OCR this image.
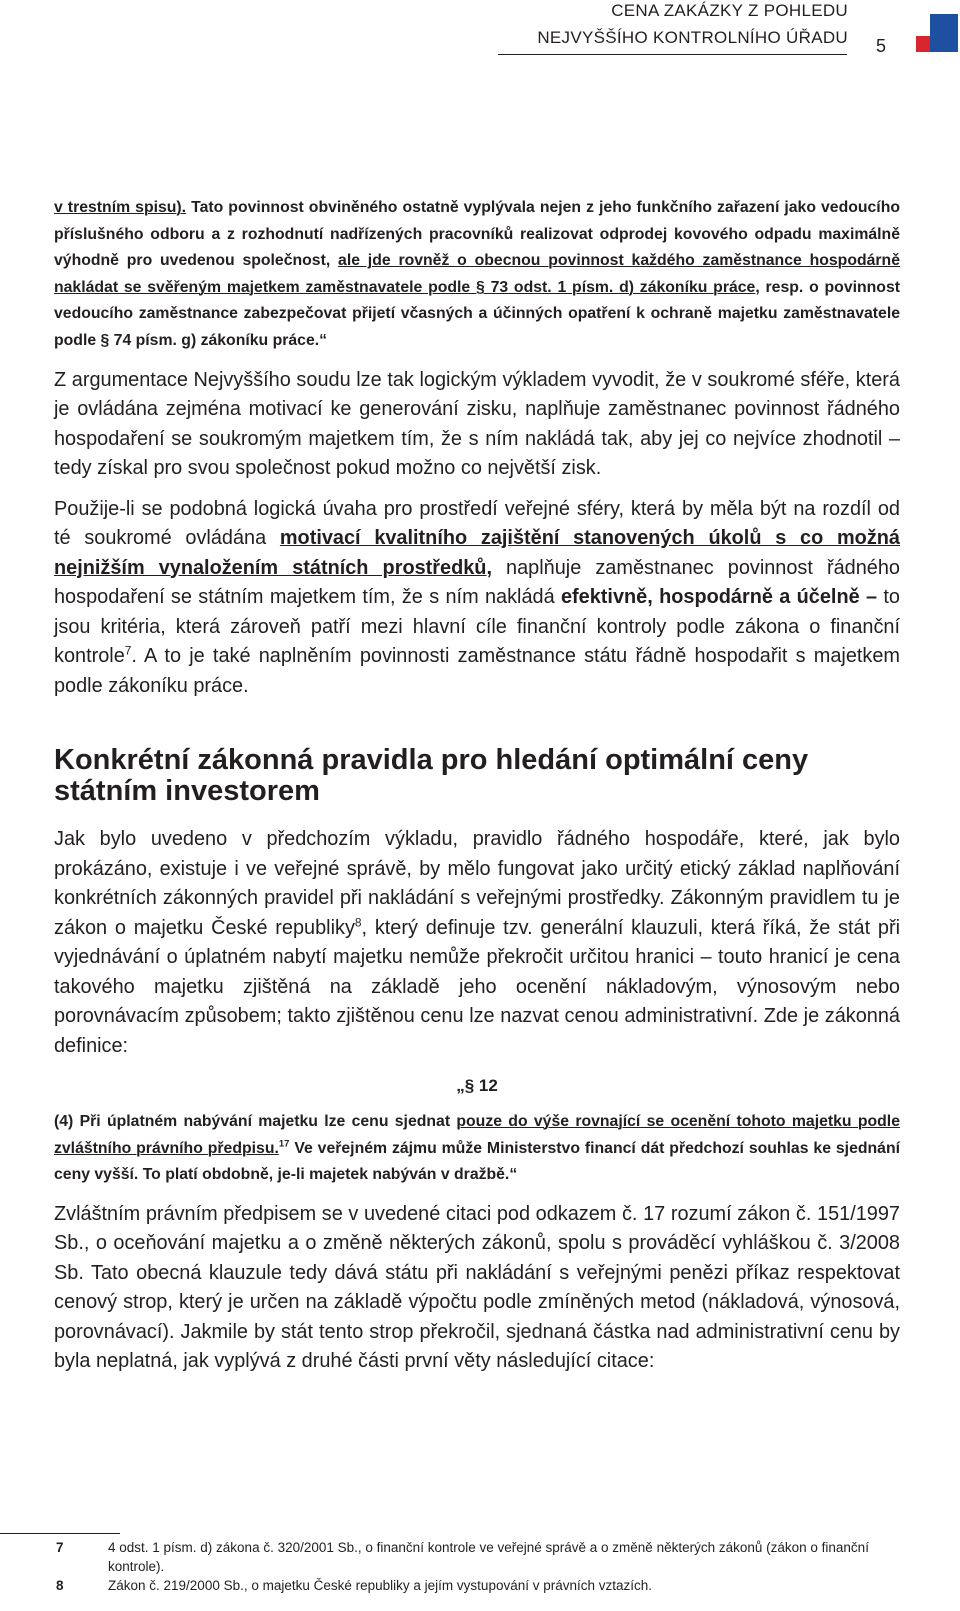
CENA ZAKÁZKY Z POHLEDU
NEJVYŠŠÍHO KONTROLNÍHO ÚŘADU 5

v trestním spisu). Tato povinnost obviněného ostatně vyplývala nejen z jeho funkčního zařazení jako vedoucího příslušného odboru a z rozhodnutí nadřízených pracovníků realizovat odprodej kovového odpadu maximálně výhodně pro uvedenou společnost, ale jde rovněž o obecnou povinnost každého zaměstnance hospodárně nakládat se svěřeným majetkem zaměstnavatele podle § 73 odst. 1 písm. d) zákoníku práce, resp. o povinnost vedoucího zaměstnance zabezpečovat přijetí včasných a účinných opatření k ochraně majetku zaměstnavatele podle § 74 písm. g) zákoníku práce.“

Z argumentace Nejvyššího soudu lze tak logickým výkladem vyvodit, že v soukromé sféře, která je ovládána zejména motivací ke generování zisku, naplňuje zaměstnanec povinnost řádného hospodaření se soukromým majetkem tím, že s ním nakládá tak, aby jej co nejvíce zhodnotil – tedy získal pro svou společnost pokud možno co největší zisk.

Použije-li se podobná logická úvaha pro prostředí veřejné sféry, která by měla být na rozdíl od té soukromé ovládána motivací kvalitního zajištění stanovených úkolů s co možná nejnižším vynaložením státních prostředků, naplňuje zaměstnanec povinnost řádného hospodaření se státním majetkem tím, že s ním nakládá efektivně, hospodárně a účelně – to jsou kritéria, která zároveň patří mezi hlavní cíle finanční kontroly podle zákona o finanční kontrole$^7$. A to je také naplněním povinnosti zaměstnance státu řádně hospodařit s majetkem podle zákoníku práce.

Konkrétní zákonná pravidla pro hledání optimální ceny státním investorem

Jak bylo uvedeno v předchozím výkladu, pravidlo řádného hospodáře, které, jak bylo prokázáno, existuje i ve veřejné správě, by mělo fungovat jako určitý etický základ naplňování konkrétních zákonných pravidel při nakládání s veřejnými prostředky. Zákonným pravidlem tu je zákon o majetku České republiky$^8$, který definuje tzv. generální klauzuli, která říká, že stát při vyjednávání o úplatném nabytí majetku nemůže překročit určitou hranici – touto hranicí je cena takového majetku zjištěná na základě jeho ocenění nákladovým, výnosovým nebo porovnávacím způsobem; takto zjištěnou cenu lze nazvat cenou administrativní. Zde je zákonná definice:

„§ 12

(4) Při úplatném nabývání majetku lze cenu sjednat pouze do výše rovnající se ocenění tohoto majetku podle zvláštního právního předpisu.$^{17}$ Ve veřejném zájmu může Ministerstvo financí dát předchozí souhlas ke sjednání ceny vyšší. To platí obdobně, je-li majetek nabýván v dražbě.“

Zvláštním právním předpisem se v uvedené citaci pod odkazem č. 17 rozumí zákon č. 151/1997 Sb., o oceňování majetku a o změně některých zákonů, spolu s prováděcí vyhláškou č. 3/2008 Sb. Tato obecná klauzule tedy dává státu při nakládání s veřejnými penězi příkaz respektovat cenový strop, který je určen na základě výpočtu podle zmíněných metod (nákladová, výnosová, porovnávací). Jakmile by stát tento strop překročil, sjednaná částka nad administrativní cenu by byla neplatná, jak vyplývá z druhé části první věty následující citace:

7	4 odst. 1 písm. d) zákona č. 320/2001 Sb., o finanční kontrole ve veřejné správě a o změně některých zákonů (zákon o finanční kontrole).
8	Zákon č. 219/2000 Sb., o majetku České republiky a jejím vystupování v právních vztazích.
